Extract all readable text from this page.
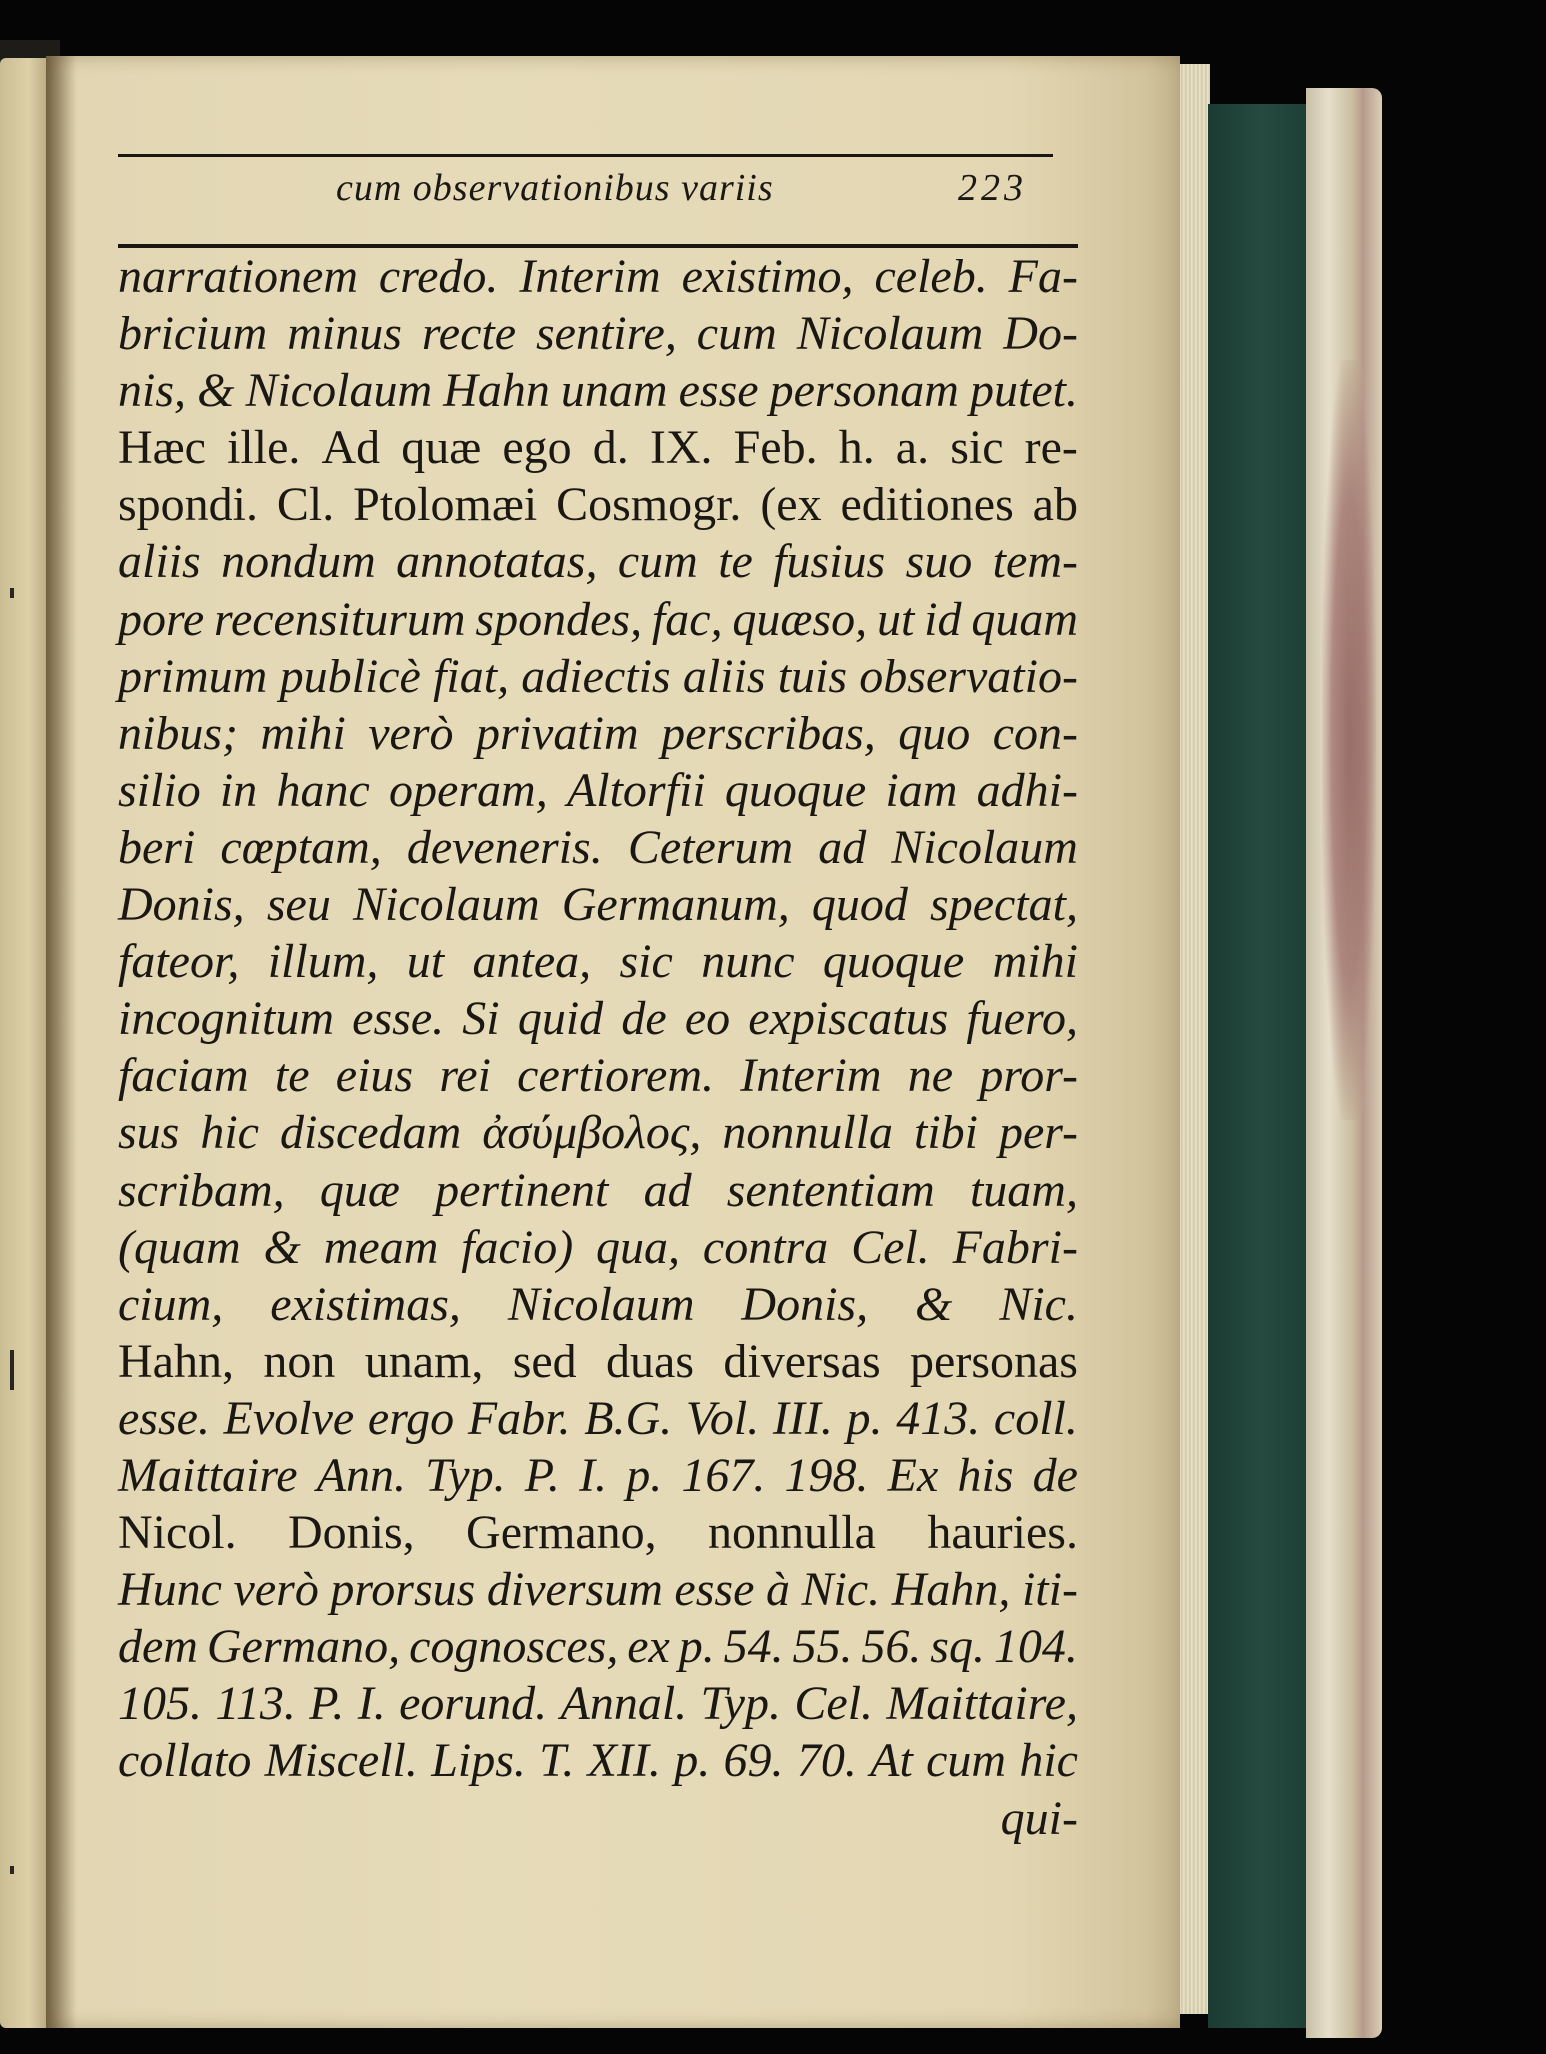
cum observationibus variis	223
narrationem credo. Interim existimo, celeb. Fa-
bricium minus recte sentire, cum Nicolaum Do-
nis, & Nicolaum Hahn unam esse personam putet.
Hæc ille. Ad quæ ego d. IX. Feb. h. a. sic re-
spondi. Cl. Ptolomæi Cosmogr. (ex editiones ab
aliis nondum annotatas, cum te fusius suo tem-
pore recensiturum spondes, fac, quæso, ut id quam
primum publicè fiat, adiectis aliis tuis observatio-
nibus; mihi verò privatim perscribas, quo con-
silio in hanc operam, Altorfii quoque iam adhi-
beri cœptam, deveneris. Ceterum ad Nicolaum
Donis, seu Nicolaum Germanum, quod spectat,
fateor, illum, ut antea, sic nunc quoque mihi
incognitum esse. Si quid de eo expiscatus fuero,
faciam te eius rei certiorem. Interim ne pror-
sus hic discedam ἀσύμβολος, nonnulla tibi per-
scribam, quæ pertinent ad sententiam tuam,
(quam & meam facio) qua, contra Cel. Fabri-
cium, existimas, Nicolaum Donis, & Nic.
Hahn, non unam, sed duas diversas personas
esse. Evolve ergo Fabr. B.G. Vol. III. p. 413. coll.
Maittaire Ann. Typ. P. I. p. 167. 198. Ex his de
Nicol. Donis, Germano, nonnulla hauries.
Hunc verò prorsus diversum esse à Nic. Hahn, iti-
dem Germano, cognosces, ex p. 54. 55. 56. sq. 104.
105. 113. P. I. eorund. Annal. Typ. Cel. Maittaire,
collato Miscell. Lips. T. XII. p. 69. 70. At cum hic
qui-
